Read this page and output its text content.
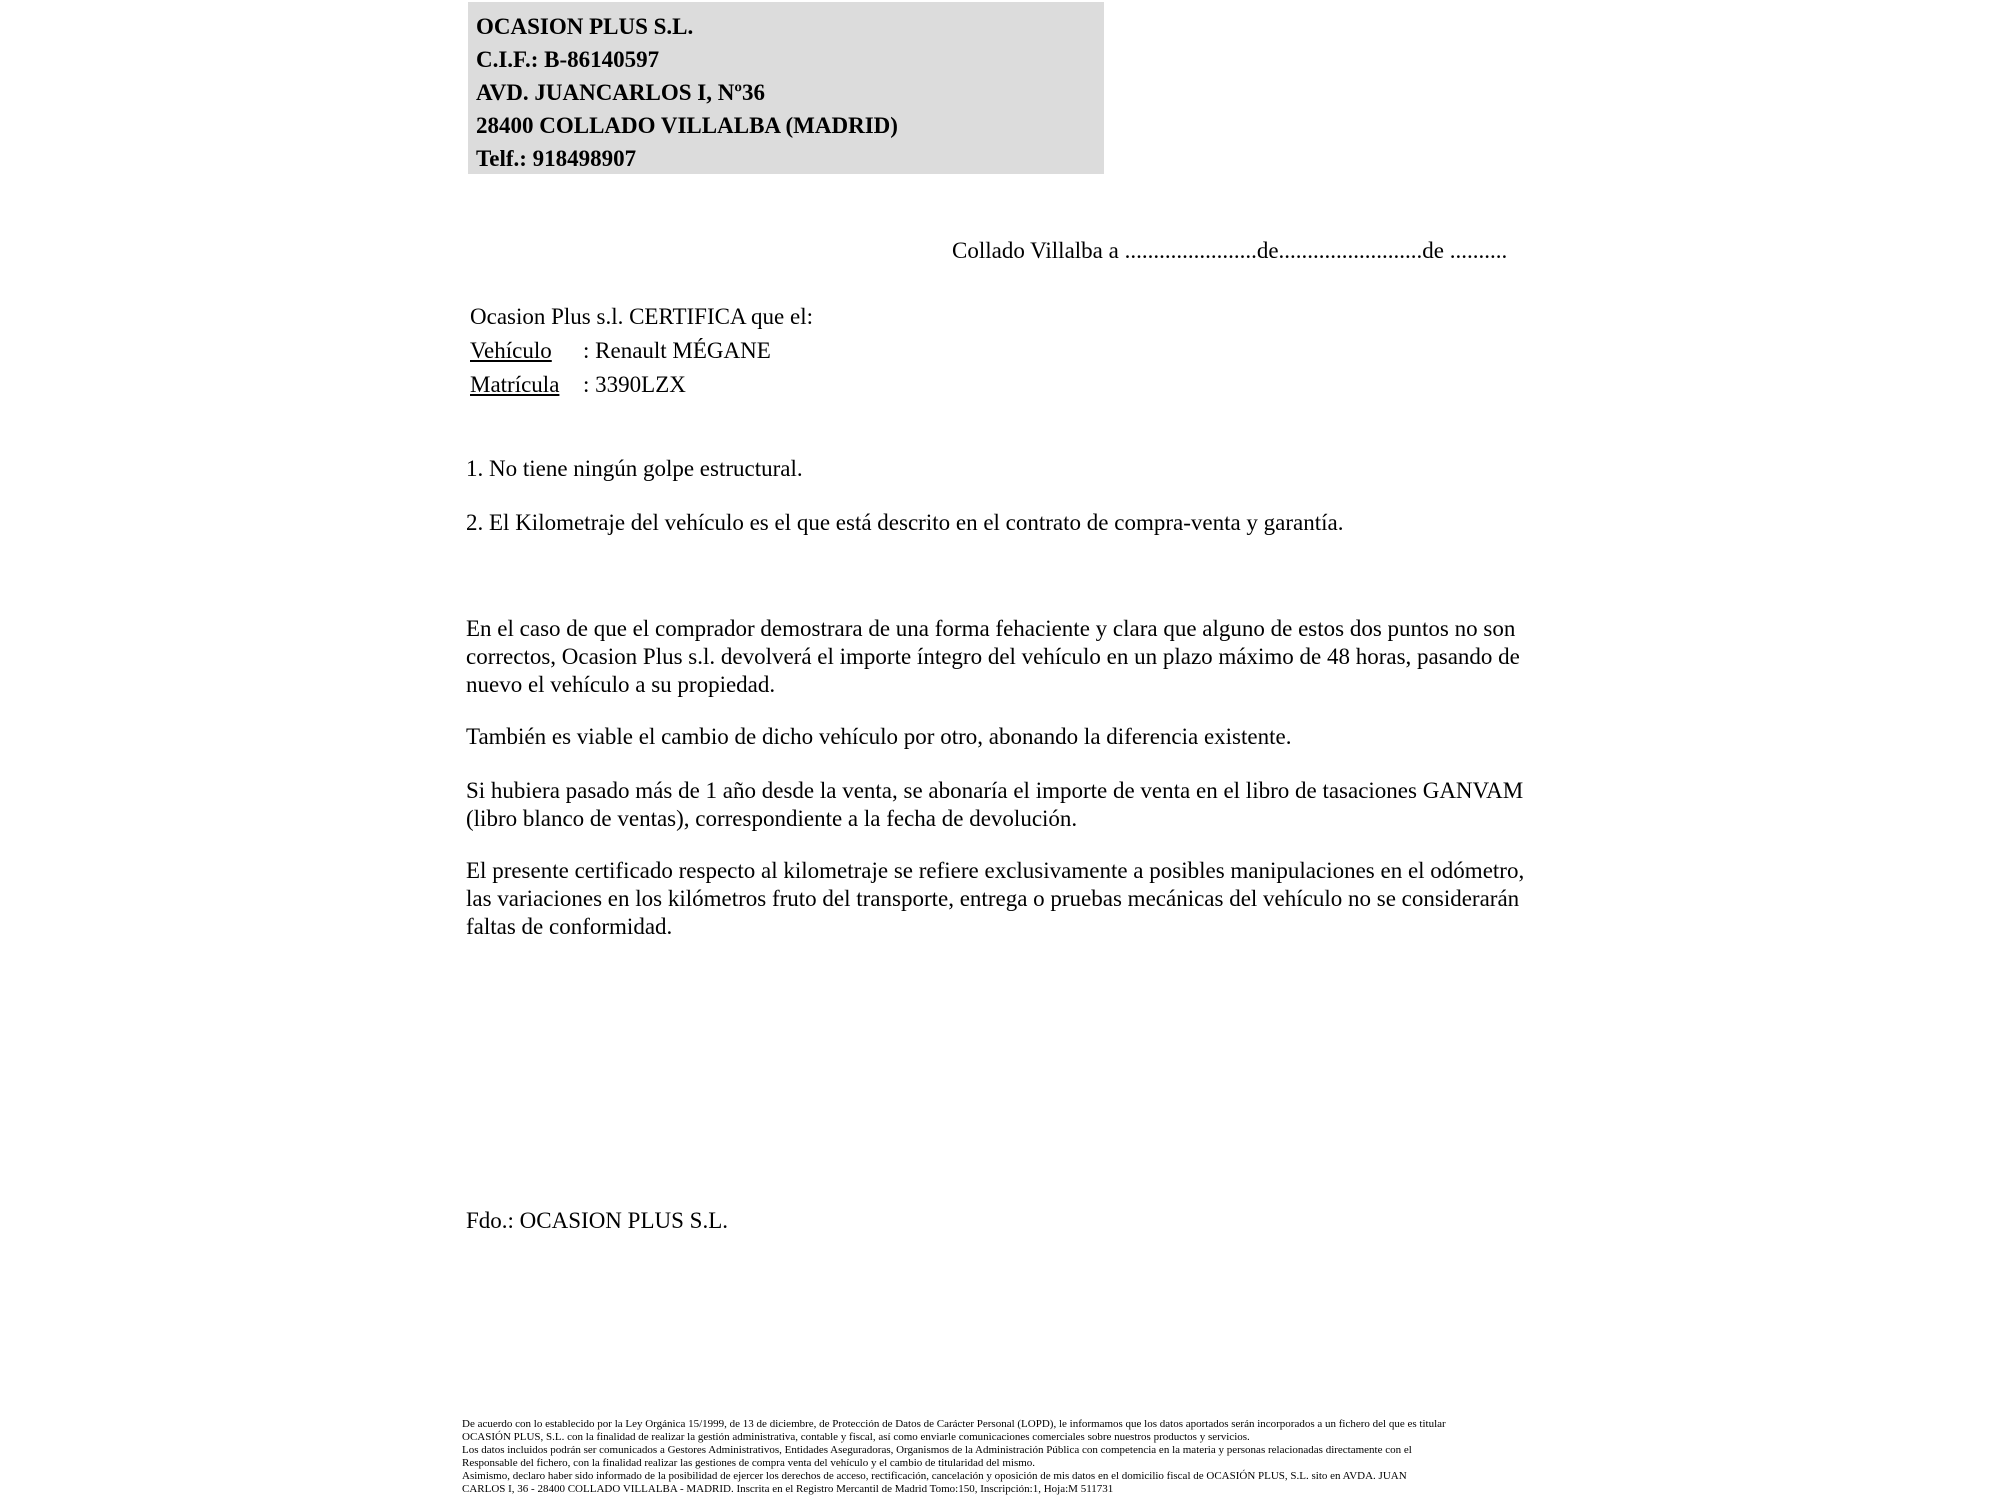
OCASION PLUS S.L.
C.I.F.: B-86140597
AVD. JUANCARLOS I, Nº36
28400 COLLADO VILLALBA (MADRID)
Telf.: 918498907
Collado Villalba a .......................de.........................de ..........
Ocasion Plus s.l. CERTIFICA que el:
Vehículo : Renault MÉGANE
Matrícula : 3390LZX
1. No tiene ningún golpe estructural.
2. El Kilometraje del vehículo es el que está descrito en el contrato de compra-venta y garantía.
En el caso de que el comprador demostrara de una forma fehaciente y clara que alguno de estos dos puntos no son correctos, Ocasion Plus s.l. devolverá el importe íntegro del vehículo en un plazo máximo de 48 horas, pasando de nuevo el vehículo a su propiedad.
También es viable el cambio de dicho vehículo por otro, abonando la diferencia existente.
Si hubiera pasado más de 1 año desde la venta, se abonaría el importe de venta en el libro de tasaciones GANVAM (libro blanco de ventas), correspondiente a la fecha de devolución.
El presente certificado respecto al kilometraje se refiere exclusivamente a posibles manipulaciones en el odómetro, las variaciones en los kilómetros fruto del transporte, entrega o pruebas mecánicas del vehículo no se considerarán faltas de conformidad.
Fdo.: OCASION PLUS S.L.
De acuerdo con lo establecido por la Ley Orgánica 15/1999, de 13 de diciembre, de Protección de Datos de Carácter Personal (LOPD), le informamos que los datos aportados serán incorporados a un fichero del que es titular
OCASIÓN PLUS, S.L. con la finalidad de realizar la gestión administrativa, contable y fiscal, así como enviarle comunicaciones comerciales sobre nuestros productos y servicios.
Los datos incluidos podrán ser comunicados a Gestores Administrativos, Entidades Aseguradoras, Organismos de la Administración Pública con competencia en la materia y personas relacionadas directamente con el
Responsable del fichero, con la finalidad realizar las gestiones de compra venta del vehículo y el cambio de titularidad del mismo.
Asimismo, declaro haber sido informado de la posibilidad de ejercer los derechos de acceso, rectificación, cancelación y oposición de mis datos en el domicilio fiscal de OCASIÓN PLUS, S.L. sito en AVDA. JUAN
CARLOS I, 36 - 28400 COLLADO VILLALBA - MADRID. Inscrita en el Registro Mercantil de Madrid Tomo:150, Inscripción:1, Hoja:M 511731
